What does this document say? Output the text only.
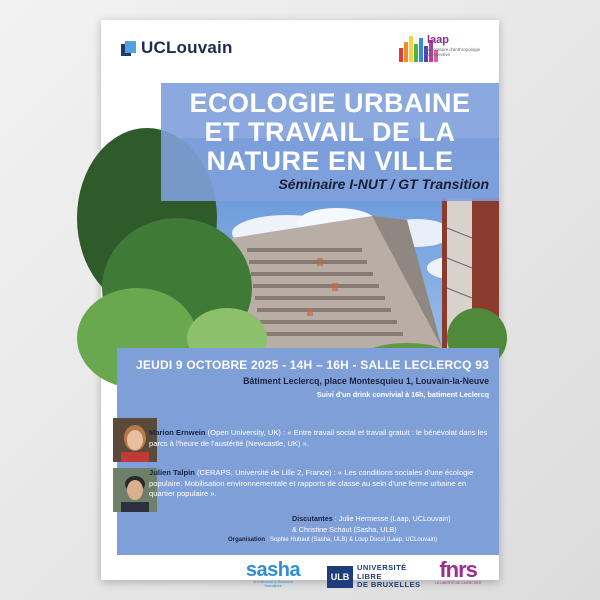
UCLouvain	laap
laboratoire d'anthropologie prospective
ECOLOGIE URBAINE
ET TRAVAIL DE LA
NATURE EN VILLE
Séminaire I-NUT / GT Transition
JEUDI 9 OCTOBRE 2025 - 14H – 16H - SALLE LECLERCQ 93
Bâtiment Leclercq, place Montesquieu 1, Louvain-la-Neuve
Suivi d'un drink convivial à 16h, batiment Leclercq
Marion Ernwein (Open University, UK) : « Entre travail social et travail gratuit : le bénévolat dans les parcs à l'heure de l'austérité (Newcastle, UK) ».
Julien Talpin (CERAPS, Université de Lille 2, France) : « Les conditions sociales d'une écologie populaire. Mobilisation environnementale et rapports de classe au sein d'une ferme urbaine en quartier populaire ».
Discutantes : Julie Hermesse (Laap, UCLouvain)
& Christine Schaut (Sasha, ULB)
Organisation : Sophie Hubaut (Sasha, ULB) & Loup Ducol (Laap, UCLouvain)
sasha
Architecture & Sciences Humaines
ULB
UNIVERSITÉ
LIBRE
DE BRUXELLES
fnrs
LA LIBERTÉ DE CHERCHER
